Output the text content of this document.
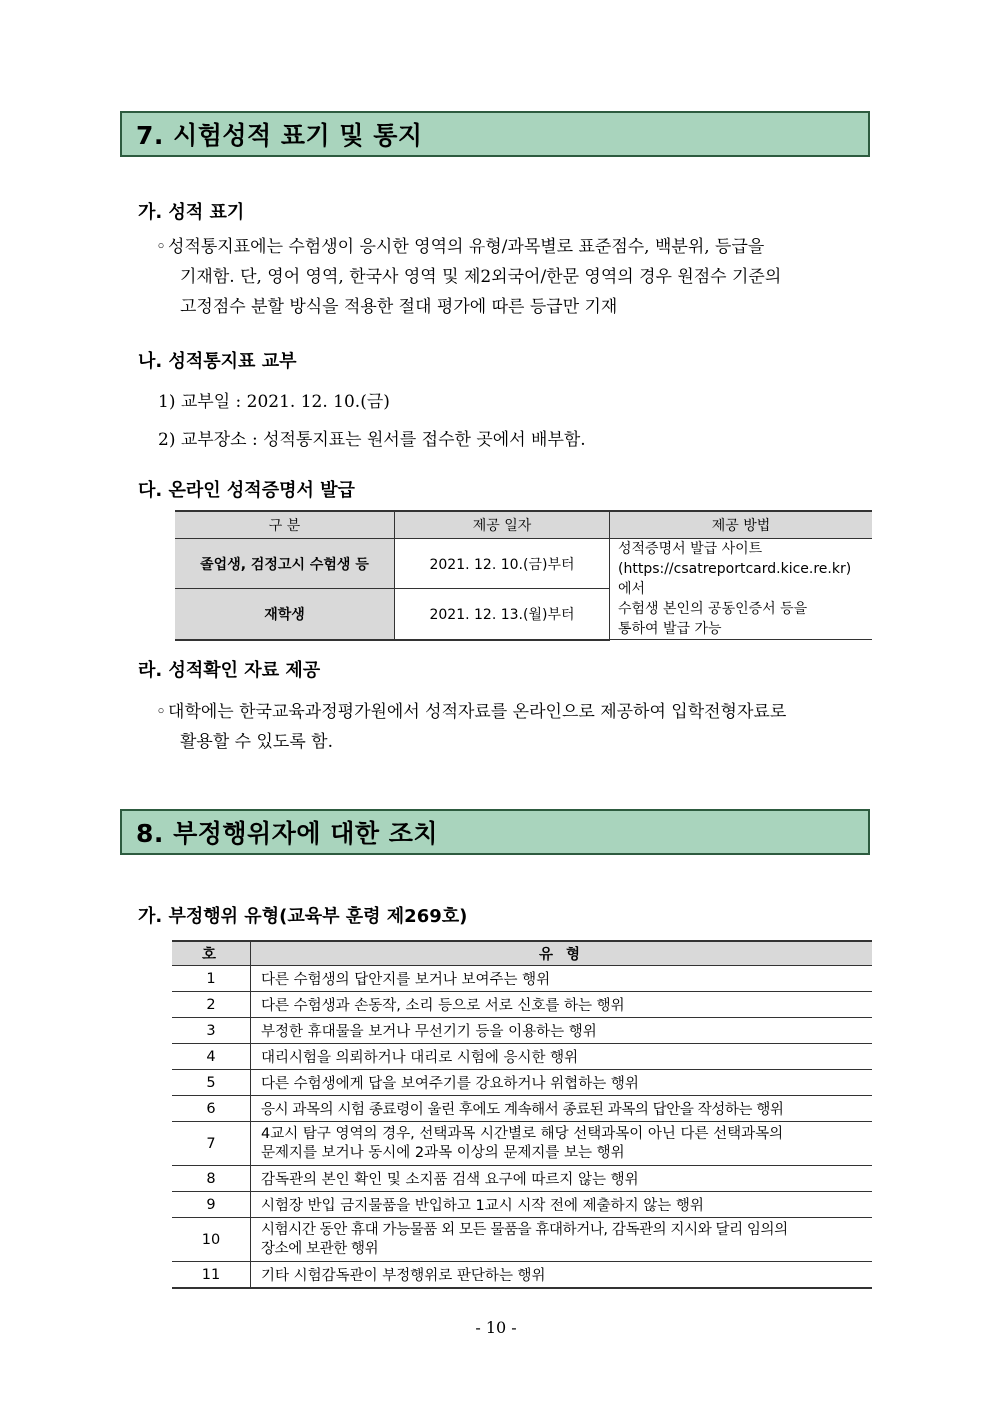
7. 시험성적 표기 및 통지
가. 성적 표기
◦ 성적통지표에는 수험생이 응시한 영역의 유형/과목별로 표준점수, 백분위, 등급을
기재함. 단, 영어 영역, 한국사 영역 및 제2외국어/한문 영역의 경우 원점수 기준의
고정점수 분할 방식을 적용한 절대 평가에 따른 등급만 기재
나. 성적통지표 교부
1) 교부일 : 2021. 12. 10.(금)
2) 교부장소 : 성적통지표는 원서를 접수한 곳에서 배부함.
다. 온라인 성적증명서 발급
구 분	제공 일자	제공 방법
졸업생, 검정고시 수험생 등	2021. 12. 10.(금)부터	성적증명서 발급 사이트
(https://csatreportcard.kice.re.kr)에서
수험생 본인의 공동인증서 등을
통하여 발급 가능
재학생	2021. 12. 13.(월)부터	
라. 성적확인 자료 제공
◦ 대학에는 한국교육과정평가원에서 성적자료를 온라인으로 제공하여 입학전형자료로
활용할 수 있도록 함.
8. 부정행위자에 대한 조치
가. 부정행위 유형(교육부 훈령 제269호)
호	유 형
1	다른 수험생의 답안지를 보거나 보여주는 행위
2	다른 수험생과 손동작, 소리 등으로 서로 신호를 하는 행위
3	부정한 휴대물을 보거나 무선기기 등을 이용하는 행위
4	대리시험을 의뢰하거나 대리로 시험에 응시한 행위
5	다른 수험생에게 답을 보여주기를 강요하거나 위협하는 행위
6	응시 과목의 시험 종료령이 울린 후에도 계속해서 종료된 과목의 답안을 작성하는 행위
7	4교시 탐구 영역의 경우, 선택과목 시간별로 해당 선택과목이 아닌 다른 선택과목의
문제지를 보거나 동시에 2과목 이상의 문제지를 보는 행위
8	감독관의 본인 확인 및 소지품 검색 요구에 따르지 않는 행위
9	시험장 반입 금지물품을 반입하고 1교시 시작 전에 제출하지 않는 행위
10	시험시간 동안 휴대 가능물품 외 모든 물품을 휴대하거나, 감독관의 지시와 달리 임의의
장소에 보관한 행위
11	기타 시험감독관이 부정행위로 판단하는 행위
- 10 -
